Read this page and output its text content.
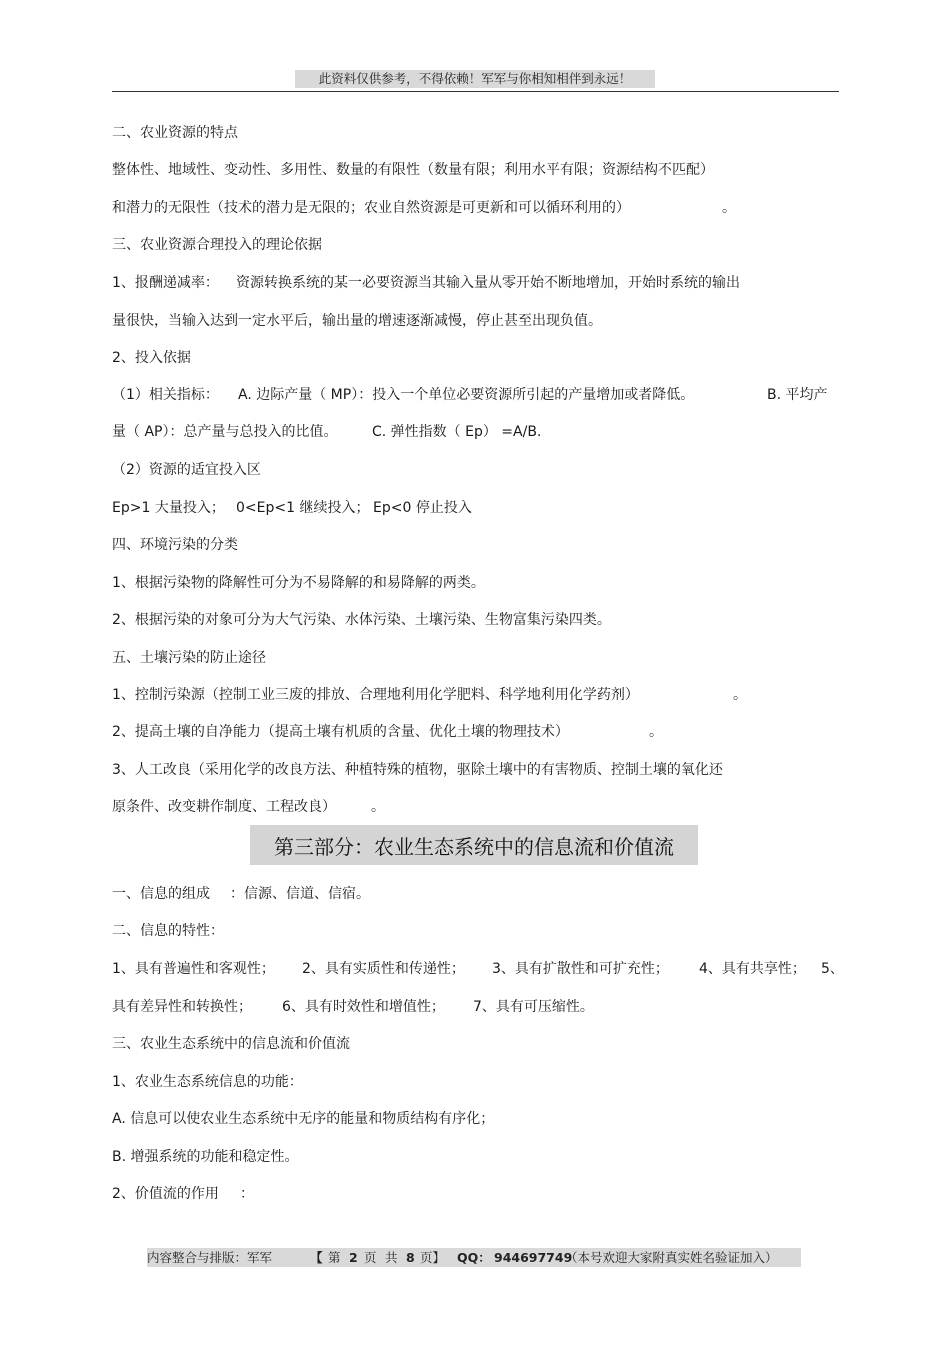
此资料仅供参考，不得依赖！军军与你相知相伴到永远！
二、农业资源的特点
整体性、地域性、变动性、多用性、数量的有限性（数量有限；利用水平有限；资源结构不匹配）
和潜力的无限性（技术的潜力是无限的；农业自然资源是可更新和可以循环利用的）	。
三、农业资源合理投入的理论依据
1、报酬递减率： 资源转换系统的某一必要资源当其输入量从零开始不断地增加，开始时系统的输出
量很快，当输入达到一定水平后，输出量的增速逐渐减慢，停止甚至出现负值。
2、投入依据
（1）相关指标： A. 边际产量（ MP）：投入一个单位必要资源所引起的产量增加或者降低。	B. 平均产
量（ AP）：总产量与总投入的比值。 C. 弹性指数（ Ep） =A/B.
（2）资源的适宜投入区
Ep>1 大量投入； 0<Ep<1 继续投入； Ep<0 停止投入
四、环境污染的分类
1、根据污染物的降解性可分为不易降解的和易降解的两类。
2、根据污染的对象可分为大气污染、水体污染、土壤污染、生物富集污染四类。
五、土壤污染的防止途径
1、控制污染源（控制工业三废的排放、合理地利用化学肥料、科学地利用化学药剂）	。
2、提高土壤的自净能力（提高土壤有机质的含量、优化土壤的物理技术）	。
3、人工改良（采用化学的改良方法、种植特殊的植物，驱除土壤中的有害物质、控制土壤的氧化还
原条件、改变耕作制度、工程改良）	。
第三部分：农业生态系统中的信息流和价值流
一、信息的组成 ：信源、信道、信宿。
二、信息的特性：
1、具有普遍性和客观性； 2、具有实质性和传递性； 3、具有扩散性和可扩充性； 4、具有共享性； 5、
具有差异性和转换性； 6、具有时效性和增值性； 7、具有可压缩性。
三、农业生态系统中的信息流和价值流
1、农业生态系统信息的功能：
A. 信息可以使农业生态系统中无序的能量和物质结构有序化；
B. 增强系统的功能和稳定性。
2、价值流的作用 ：
内容整合与排版：军军	【 第 2 页 共 8 页】 QQ： 944697749
（本号欢迎大家附真实姓名验证加入）
